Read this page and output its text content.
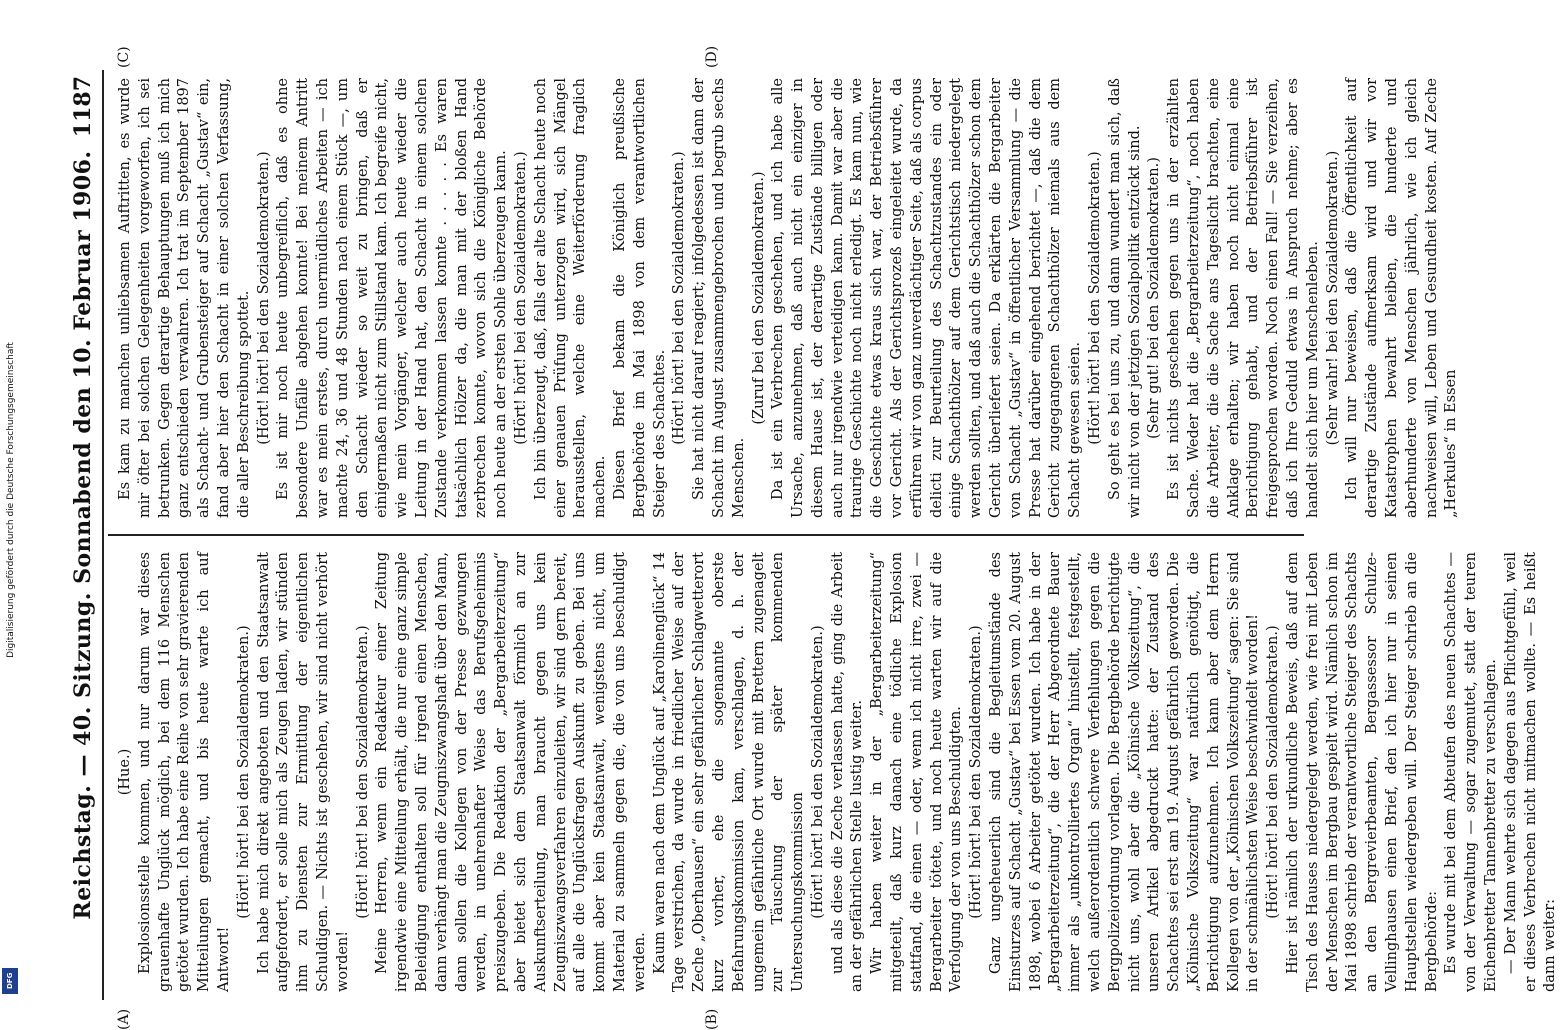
Digitalisierung gefördert durch die Deutsche Forschungsgemeinschaft
DFG
Reichstag. — 40. Sitzung. Sonnabend den 10. Februar 1906.
1187
(A)	(B)
(C)	(D)

(Hue.) Explosionsstelle kommen, und nur darum war dieses grauenhafte Unglück möglich, bei dem 116 Menschen getötet wurden. Ich habe eine Reihe von sehr gravierenden Mitteilungen gemacht, und bis heute warte ich auf Antwort!

(Hört! hört! bei den Sozialdemokraten.) Ich habe mich direkt angeboten und den Staatsanwalt aufgefordert, er solle mich als Zeugen laden, wir stünden ihm zu Diensten zur Ermittlung der eigentlichen Schuldigen. — Nichts ist geschehen, wir sind nicht verhört worden!

(Hört! hört! bei den Sozialdemokraten.) Meine Herren, wenn ein Redakteur einer Zeitung irgendwie eine Mitteilung erhält, die nur eine ganz simple Beleidigung enthalten soll für irgend einen Menschen, dann verhängt man die Zeugniszwangshaft über den Mann, dann sollen die Kollegen von der Presse gezwungen werden, in unehrenhafter Weise das Berufsgeheimnis preiszugeben. Die Redaktion der „Bergarbeiterzeitung“ aber bietet sich dem Staatsanwalt förmlich an zur Auskunftserteilung, man braucht gegen uns kein Zeugniszwangsverfahren einzuleiten, wir sind gern bereit, auf alle die Unglücksfragen Auskunft zu geben. Bei uns kommt aber kein Staatsanwalt, wenigstens nicht, um Material zu sammeln gegen die, die von uns beschuldigt werden. Kaum waren nach dem Unglück auf „Karolinenglück“ 14 Tage verstrichen, da wurde in friedlicher Weise auf der Zeche „Oberhausen“ ein sehr gefährlicher Schlagwetterort kurz vorher, ehe die sogenannte oberste Befahrungskommission kam, verschlagen, d. h. der ungemein gefährliche Ort wurde mit Brettern zugenagelt zur Täuschung der später kommenden Untersuchungskommission (Hört! hört! bei den Sozialdemokraten.) und als diese die Zeche verlassen hatte, ging die Arbeit an der gefährlichen Stelle lustig weiter. Wir haben weiter in der „Bergarbeiterzeitung“ mitgeteilt, daß kurz danach eine tödliche Explosion stattfand, die einen — oder, wenn ich nicht irre, zwei — Bergarbeiter tötete, und noch heute warten wir auf die Verfolgung der von uns Beschuldigten. (Hört! hört! bei den Sozialdemokraten.) Ganz ungeheuerlich sind die Begleitumstände des Einsturzes auf Schacht „Gustav“ bei Essen vom 20. August 1898, wobei 6 Arbeiter getötet wurden. Ich habe in der „Bergarbeiterzeitung“, die der Herr Abgeordnete Bauer immer als „unkontrolliertes Organ“ hinstellt, festgestellt, welch außerordentlich schwere Verfehlungen gegen die Bergpolizeiordnung vorlagen. Die Bergbehörde berichtigte nicht uns, wohl aber die „Kölnische Volkszeitung“, die unseren Artikel abgedruckt hatte: der Zustand des Schachtes sei erst am 19. August gefährlich geworden. Die „Kölnische Volkszeitung“ war natürlich genötigt, die Berichtigung aufzunehmen. Ich kann aber dem Herrn Kollegen von der „Kölnischen Volkszeitung“ sagen: Sie sind in der schmählichsten Weise beschwindelt worden! (Hört! hört! bei den Sozialdemokraten.) Hier ist nämlich der urkundliche Beweis, daß auf dem Tisch des Hauses niedergelegt werden, wie frei mit Leben der Menschen im Bergbau gespielt wird. Nämlich schon im Mai 1898 schrieb der verantwortliche Steiger des Schachts an den Bergrevierbeamten, Bergassessor Schulze-Vellinghausen einen Brief, den ich hier nur in seinen Hauptstellen wiedergeben will. Der Steiger schrieb an die Bergbehörde: Es wurde mit bei dem Abteufen des neuen Schachtes — von der Verwaltung — sogar zugemutet, statt der teuren Eichenbretter Tannenbretter zu verschlagen. — Der Mann wehrte sich dagegen aus Pflichtgefühl, weil er dieses Verbrechen nicht mitmachen wollte. — Es heißt dann weiter:

Es kam zu manchen unliebsamen Auftritten, es wurde mir öfter bei solchen Gelegenheiten vorgeworfen, ich sei betrunken. Gegen derartige Behauptungen muß ich mich ganz entschieden verwahren. Ich trat im September 1897 als Schacht- und Grubensteiger auf Schacht „Gustav“ ein, fand aber hier den Schacht in einer solchen Verfassung, die aller Beschreibung spottet. (Hört! hört! bei den Sozialdemokraten.) Es ist mir noch heute unbegreiflich, daß es ohne besondere Unfälle abgehen konnte! Bei meinem Antritt war es mein erstes, durch unermüdliches Arbeiten — ich machte 24, 36 und 48 Stunden nach einem Stück —, um den Schacht wieder so weit zu bringen, daß er einigermaßen nicht zum Stillstand kam. Ich begreife nicht, wie mein Vorgänger, welcher auch heute wieder die Leitung in der Hand hat, den Schacht in einem solchen Zustande verkommen lassen konnte . . . . . Es waren tatsächlich Hölzer da, die man mit der bloßen Hand zerbrechen konnte, wovon sich die Königliche Behörde noch heute an der ersten Sohle überzeugen kann. (Hört! hört! bei den Sozialdemokraten.) Ich bin überzeugt, daß, falls der alte Schacht heute noch einer genauen Prüfung unterzogen wird, sich Mängel herausstellen, welche eine Weiterförderung fraglich machen. Diesen Brief bekam die Königlich preußische Bergbehörde im Mai 1898 von dem verantwortlichen Steiger des Schachtes. (Hört! hört! bei den Sozialdemokraten.) Sie hat nicht darauf reagiert; infolgedessen ist dann der Schacht im August zusammengebrochen und begrub sechs Menschen.

(Zuruf bei den Sozialdemokraten.) Da ist ein Verbrechen geschehen, und ich habe alle Ursache, anzunehmen, daß auch nicht ein einziger in diesem Hause ist, der derartige Zustände billigen oder auch nur irgendwie verteidigen kann. Damit war aber die traurige Geschichte noch nicht erledigt. Es kam nun, wie die Geschichte etwas kraus sich war, der Betriebsführer vor Gericht. Als der Gerichtsprozeß eingeleitet wurde, da erführen wir von ganz unverdächtiger Seite, daß als corpus delicti zur Beurteilung des Schachtzustandes ein oder einige Schachthölzer auf dem Gerichtstisch niedergelegt werden sollten, und daß auch die Schachthölzer schon dem Gericht überliefert seien. Da erklärten die Bergarbeiter von Schacht „Gustav“ in öffentlicher Versammlung — die Presse hat darüber eingehend berichtet —, daß die dem Gericht zugegangenen Schachthölzer niemals aus dem Schacht gewesen seien. (Hört! hört! bei den Sozialdemokraten.) So geht es bei uns zu, und dann wundert man sich, daß wir nicht von der jetzigen Sozialpolitik entzückt sind. (Sehr gut! bei den Sozialdemokraten.) Es ist nichts geschehen gegen uns in der erzählten Sache. Weder hat die „Bergarbeiterzeitung“, noch haben die Arbeiter, die die Sache ans Tageslicht brachten, eine Anklage erhalten; wir haben noch nicht einmal eine Berichtigung gehabt, und der Betriebsführer ist freigesprochen worden. Noch einen Fall! — Sie verzeihen, daß ich Ihre Geduld etwas in Anspruch nehme; aber es handelt sich hier um Menschenleben. (Sehr wahr! bei den Sozialdemokraten.) Ich will nur beweisen, daß die Öffentlichkeit auf derartige Zustände aufmerksam wird und wir vor Katastrophen bewahrt bleiben, die hunderte und aberhunderte von Menschen jährlich, wie ich gleich nachweisen will, Leben und Gesundheit kosten. Auf Zeche „Herkules“ in Essen
